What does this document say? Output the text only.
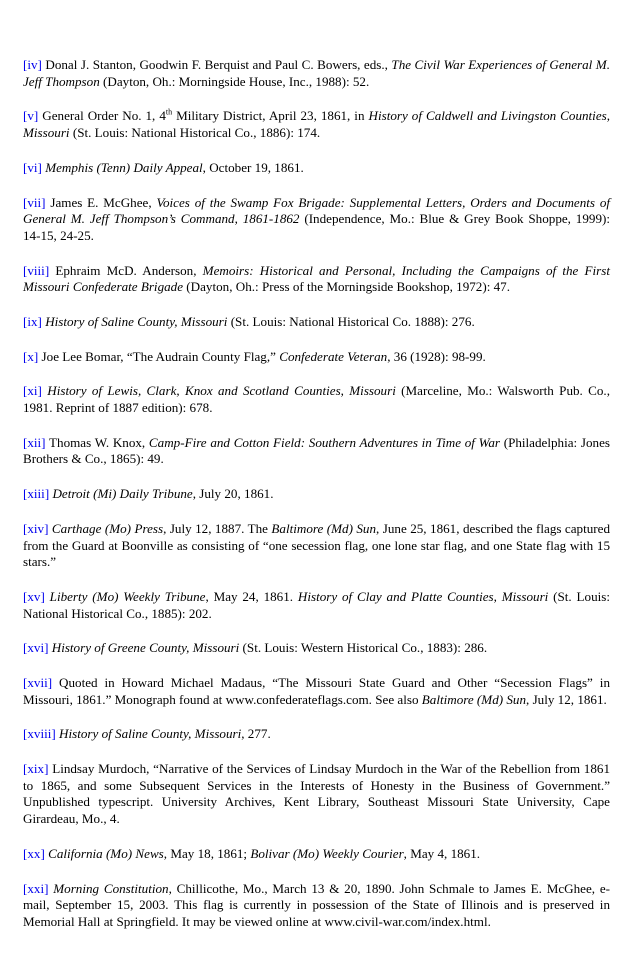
[iv] Donal J. Stanton, Goodwin F. Berquist and Paul C. Bowers, eds., The Civil War Experiences of General M. Jeff Thompson (Dayton, Oh.: Morningside House, Inc., 1988): 52.

[v] General Order No. 1, 4th Military District, April 23, 1861, in History of Caldwell and Livingston Counties, Missouri (St. Louis: National Historical Co., 1886): 174.

[vi] Memphis (Tenn) Daily Appeal, October 19, 1861.

[vii] James E. McGhee, Voices of the Swamp Fox Brigade: Supplemental Letters, Orders and Documents of General M. Jeff Thompson’s Command, 1861-1862 (Independence, Mo.: Blue & Grey Book Shoppe, 1999): 14-15, 24-25.

[viii] Ephraim McD. Anderson, Memoirs: Historical and Personal, Including the Campaigns of the First Missouri Confederate Brigade (Dayton, Oh.: Press of the Morningside Bookshop, 1972): 47.

[ix] History of Saline County, Missouri (St. Louis: National Historical Co. 1888): 276.

[x] Joe Lee Bomar, “The Audrain County Flag,” Confederate Veteran, 36 (1928): 98-99.

[xi] History of Lewis, Clark, Knox and Scotland Counties, Missouri (Marceline, Mo.: Walsworth Pub. Co., 1981. Reprint of 1887 edition): 678.

[xii] Thomas W. Knox, Camp-Fire and Cotton Field: Southern Adventures in Time of War (Philadelphia: Jones Brothers & Co., 1865): 49.

[xiii] Detroit (Mi) Daily Tribune, July 20, 1861.

[xiv] Carthage (Mo) Press, July 12, 1887. The Baltimore (Md) Sun, June 25, 1861, described the flags captured from the Guard at Boonville as consisting of “one secession flag, one lone star flag, and one State flag with 15 stars.”

[xv] Liberty (Mo) Weekly Tribune, May 24, 1861. History of Clay and Platte Counties, Missouri (St. Louis: National Historical Co., 1885): 202.

[xvi] History of Greene County, Missouri (St. Louis: Western Historical Co., 1883): 286.

[xvii] Quoted in Howard Michael Madaus, “The Missouri State Guard and Other “Secession Flags” in Missouri, 1861.” Monograph found at www.confederateflags.com. See also Baltimore (Md) Sun, July 12, 1861.

[xviii] History of Saline County, Missouri, 277.

[xix] Lindsay Murdoch, “Narrative of the Services of Lindsay Murdoch in the War of the Rebellion from 1861 to 1865, and some Subsequent Services in the Interests of Honesty in the Business of Government.” Unpublished typescript. University Archives, Kent Library, Southeast Missouri State University, Cape Girardeau, Mo., 4.

[xx] California (Mo) News, May 18, 1861; Bolivar (Mo) Weekly Courier, May 4, 1861.

[xxi] Morning Constitution, Chillicothe, Mo., March 13 & 20, 1890. John Schmale to James E. McGhee, e-mail, September 15, 2003. This flag is currently in possession of the State of Illinois and is preserved in Memorial Hall at Springfield. It may be viewed online at www.civil-war.com/index.html.
